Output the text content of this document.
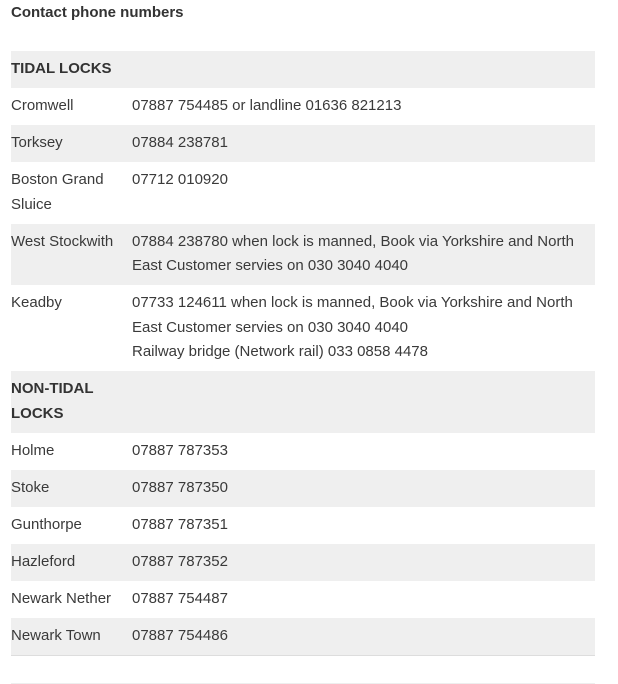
Contact phone numbers
TIDAL LOCKS	
Cromwell	07887 754485 or landline 01636 821213
Torksey	07884 238781
Boston Grand Sluice	07712 010920
West Stockwith	07884 238780 when lock is manned, Book via Yorkshire and North East Customer servies on 030 3040 4040
Keadby	07733 124611 when lock is manned, Book via Yorkshire and North East Customer servies on 030 3040 4040
Railway bridge (Network rail) 033 0858 4478

NON-TIDAL LOCKS	
Holme	07887 787353
Stoke	07887 787350
Gunthorpe	07887 787351
Hazleford	07887 787352
Newark Nether	07887 754487
Newark Town	07887 754486
